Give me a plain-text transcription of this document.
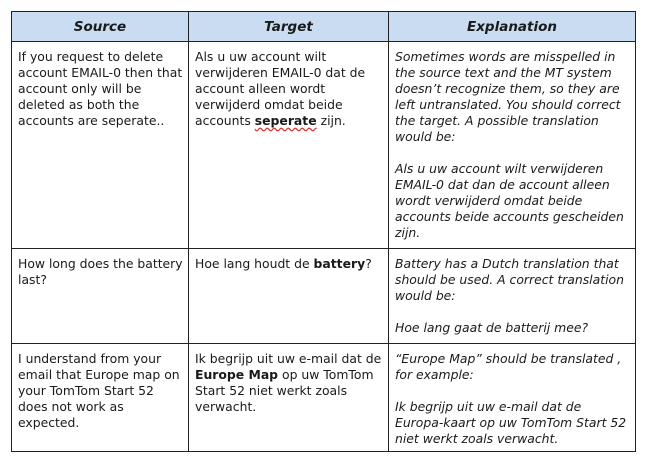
Source	Target	Explanation
If you request to delete account EMAIL-0 then that account only will be deleted as both the accounts are seperate..	Als u uw account wilt verwijderen EMAIL-0 dat de account alleen wordt verwijderd omdat beide accounts seperate zijn.	Sometimes words are misspelled in the source text and the MT system doesn’t recognize them, so they are left untranslated. You should correct the target. A possible translation would be:
Als u uw account wilt verwijderen EMAIL-0 dat dan de account alleen wordt verwijderd omdat beide accounts beide accounts gescheiden zijn.

How long does the battery last?	Hoe lang houdt de battery?	Battery has a Dutch translation that should be used. A correct translation would be:
Hoe lang gaat de batterij mee?

I understand from your email that Europe map on your TomTom Start 52 does not work as expected.	Ik begrijp uit uw e-mail dat de Europe Map op uw TomTom Start 52 niet werkt zoals verwacht.	“Europe Map” should be translated , for example:
Ik begrijp uit uw e-mail dat de Europa-kaart op uw TomTom Start 52 niet werkt zoals verwacht.
